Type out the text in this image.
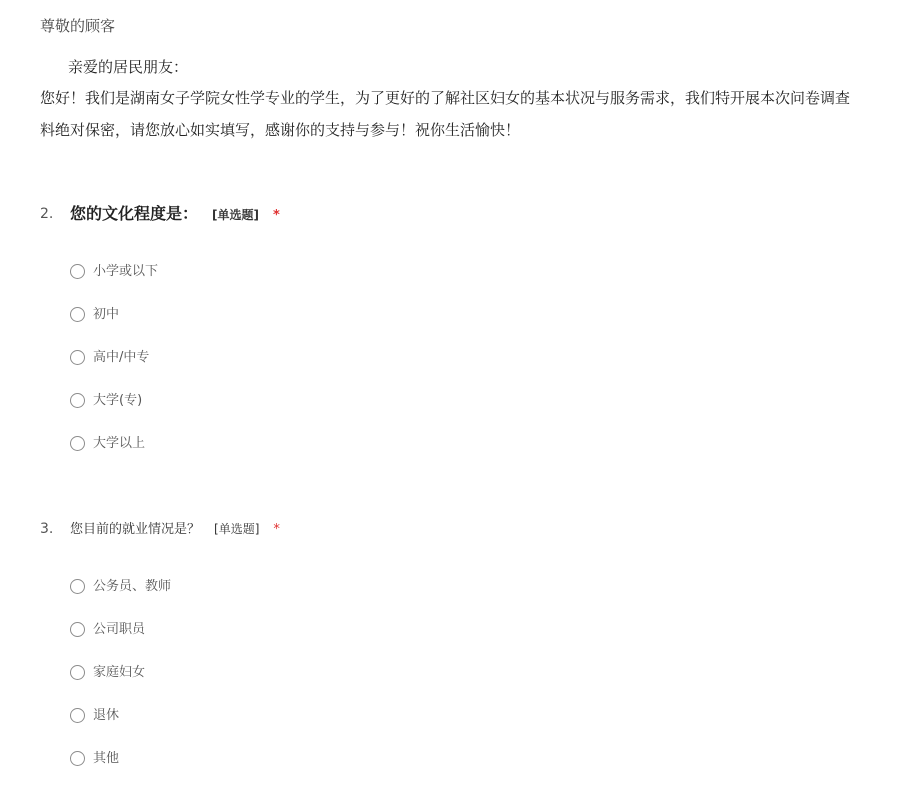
尊敬的顾客
亲爱的居民朋友：
您好！我们是湖南女子学院女性学专业的学生，为了更好的了解社区妇女的基本状况与服务需求，我们特开展本次问卷调查
料绝对保密，请您放心如实填写，感谢你的支持与参与！祝你生活愉快！
2. 您的文化程度是： [单选题] *
小学或以下
初中
高中/中专
大学(专)
大学以上
3. 您目前的就业情况是？ [单选题] *
公务员、教师
公司职员
家庭妇女
退休
其他
